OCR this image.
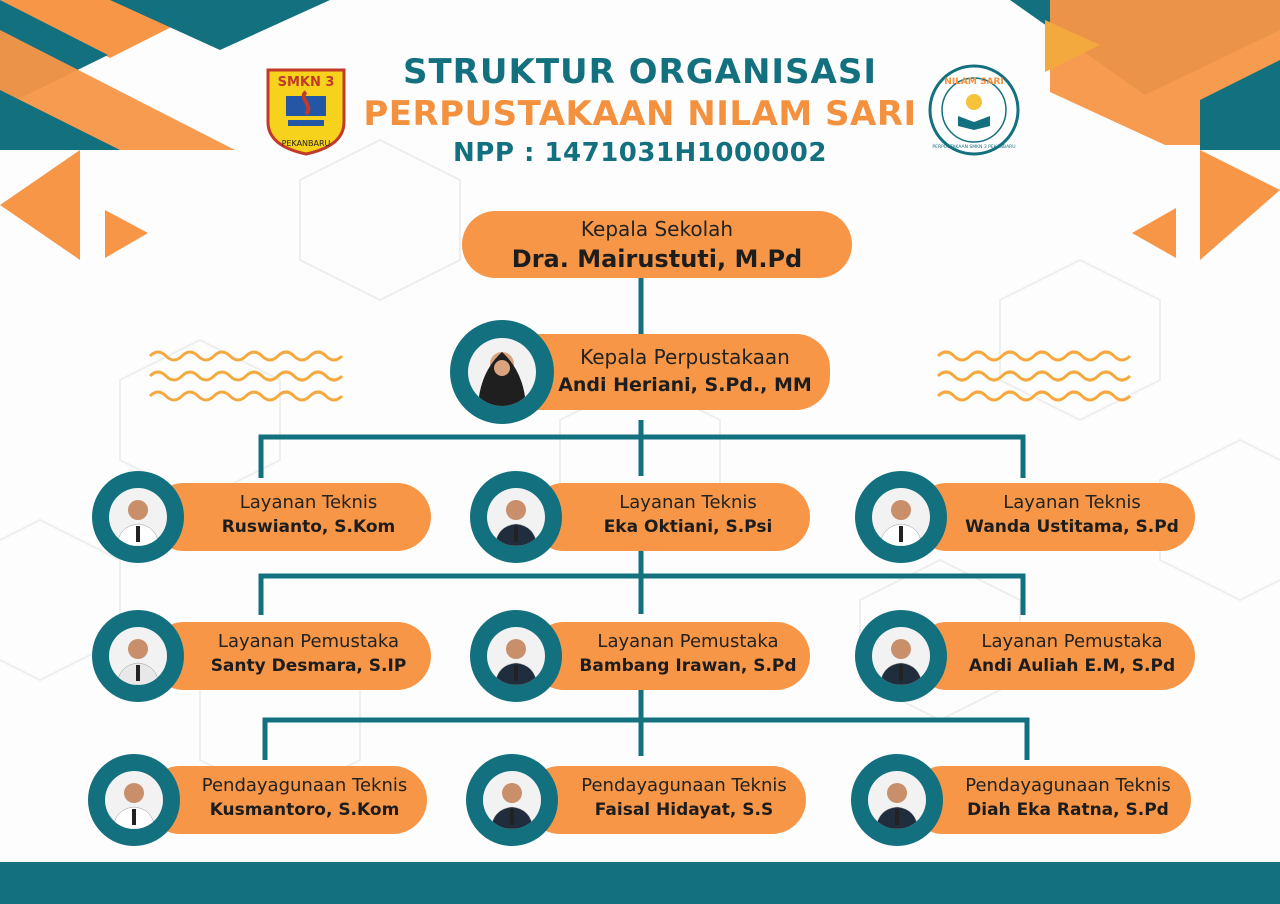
STRUKTUR ORGANISASI
PERPUSTAKAAN NILAM SARI
NPP : 1471031H1000002
SMKN 3
PEKANBARU
NILAM SARI
PERPUSTAKAAN SMKN 3 PEKANBARU
Kepala Sekolah
Dra. Mairustuti, M.Pd
Kepala Perpustakaan
Andi Heriani, S.Pd., MM
Layanan Teknis
Ruswianto, S.Kom
Layanan Teknis
Eka Oktiani, S.Psi
Layanan Teknis
Wanda Ustitama, S.Pd
Layanan Pemustaka
Santy Desmara, S.IP
Layanan Pemustaka
Bambang Irawan, S.Pd
Layanan Pemustaka
Andi Auliah E.M, S.Pd
Pendayagunaan Teknis
Kusmantoro, S.Kom
Pendayagunaan Teknis
Faisal Hidayat, S.S
Pendayagunaan Teknis
Diah Eka Ratna, S.Pd
